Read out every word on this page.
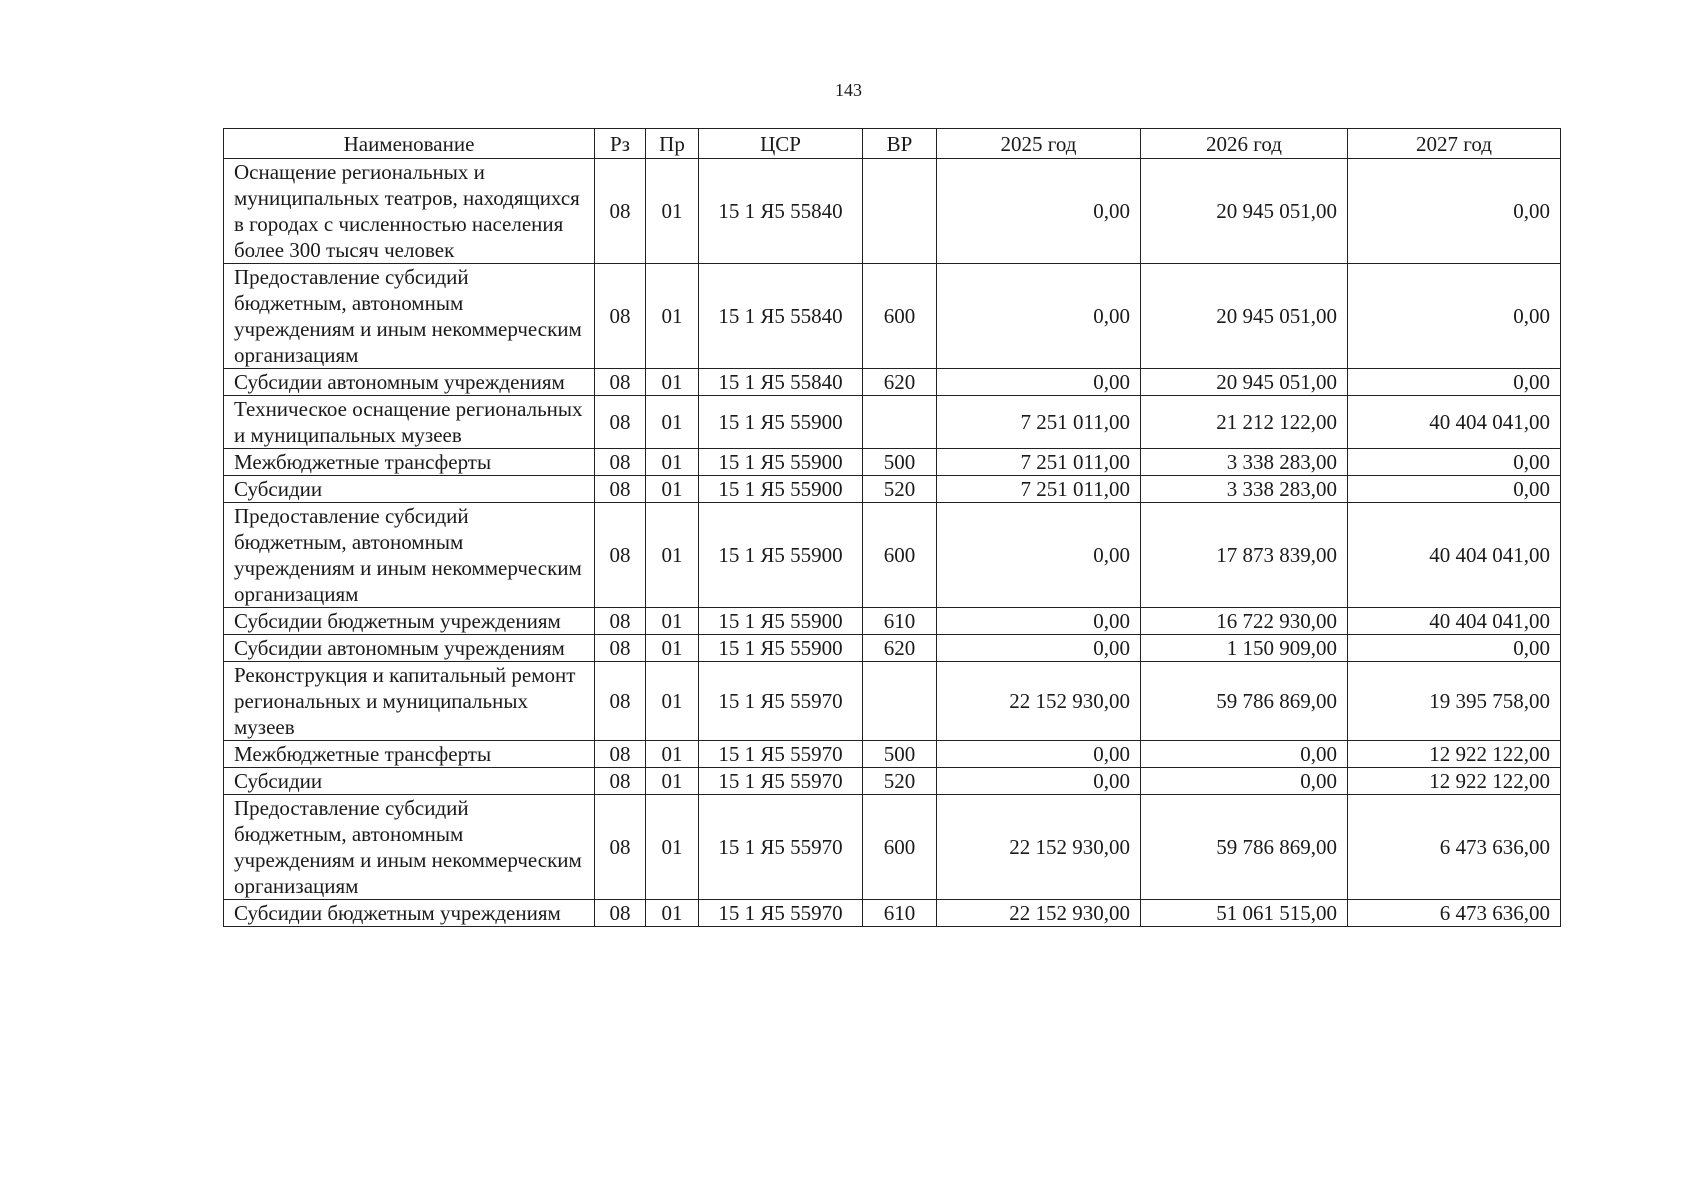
143
Наименование	Рз	Пр	ЦСР	ВР	2025 год	2026 год	2027 год
Оснащение региональных и муниципальных театров, находящихся в городах с численностью населения более 300 тысяч человек	08	01	15 1 Я5 55840		0,00	20 945 051,00	0,00
Предоставление субсидий бюджетным, автономным учреждениям и иным некоммерческим организациям	08	01	15 1 Я5 55840	600	0,00	20 945 051,00	0,00
Субсидии автономным учреждениям	08	01	15 1 Я5 55840	620	0,00	20 945 051,00	0,00
Техническое оснащение региональных и муниципальных музеев	08	01	15 1 Я5 55900		7 251 011,00	21 212 122,00	40 404 041,00
Межбюджетные трансферты	08	01	15 1 Я5 55900	500	7 251 011,00	3 338 283,00	0,00
Субсидии	08	01	15 1 Я5 55900	520	7 251 011,00	3 338 283,00	0,00
Предоставление субсидий бюджетным, автономным учреждениям и иным некоммерческим организациям	08	01	15 1 Я5 55900	600	0,00	17 873 839,00	40 404 041,00
Субсидии бюджетным учреждениям	08	01	15 1 Я5 55900	610	0,00	16 722 930,00	40 404 041,00
Субсидии автономным учреждениям	08	01	15 1 Я5 55900	620	0,00	1 150 909,00	0,00
Реконструкция и капитальный ремонт региональных и муниципальных музеев	08	01	15 1 Я5 55970		22 152 930,00	59 786 869,00	19 395 758,00
Межбюджетные трансферты	08	01	15 1 Я5 55970	500	0,00	0,00	12 922 122,00
Субсидии	08	01	15 1 Я5 55970	520	0,00	0,00	12 922 122,00
Предоставление субсидий бюджетным, автономным учреждениям и иным некоммерческим организациям	08	01	15 1 Я5 55970	600	22 152 930,00	59 786 869,00	6 473 636,00
Субсидии бюджетным учреждениям	08	01	15 1 Я5 55970	610	22 152 930,00	51 061 515,00	6 473 636,00
